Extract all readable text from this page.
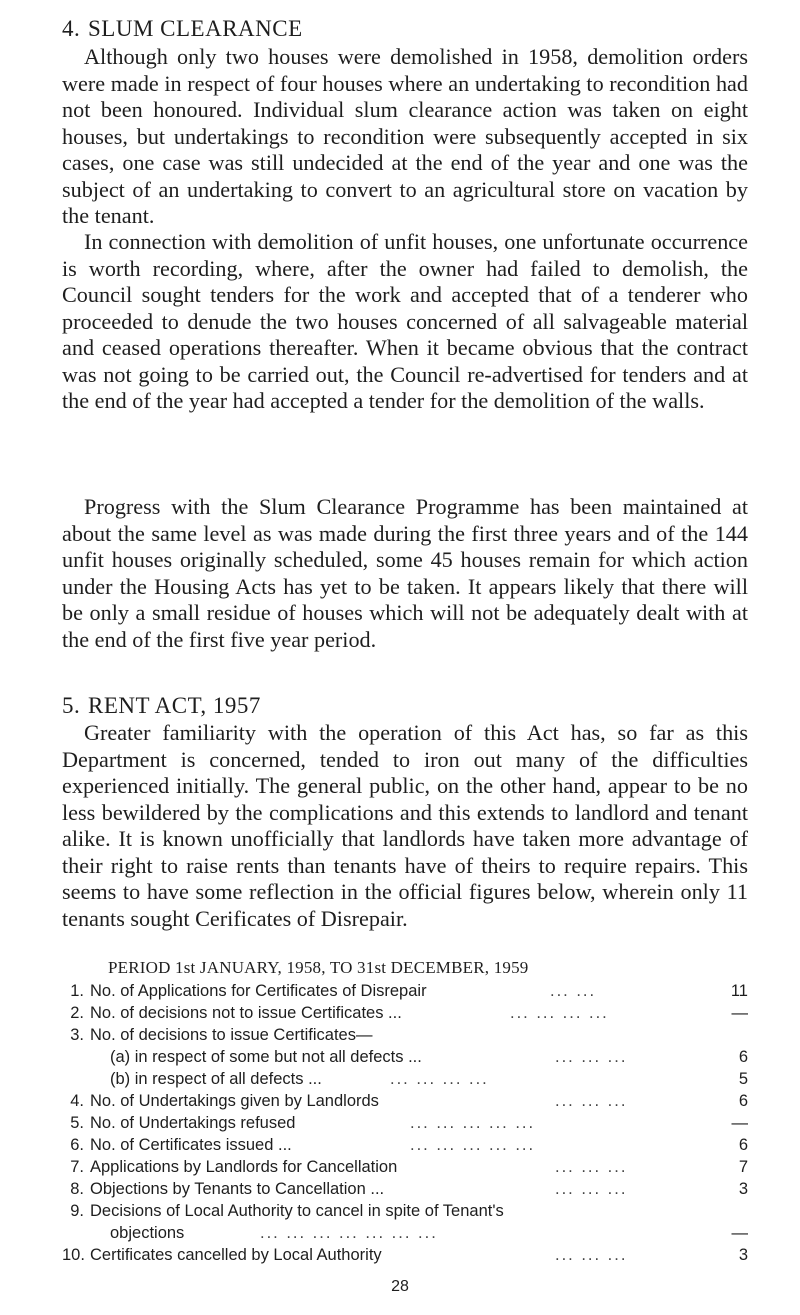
4. SLUM CLEARANCE
Although only two houses were demolished in 1958, demolition orders were made in respect of four houses where an undertaking to recondition had not been honoured. Individual slum clearance action was taken on eight houses, but undertakings to recondition were subsequently accepted in six cases, one case was still undecided at the end of the year and one was the subject of an undertaking to convert to an agricultural store on vacation by the tenant.
In connection with demolition of unfit houses, one unfortunate occurrence is worth recording, where, after the owner had failed to demolish, the Council sought tenders for the work and accepted that of a tenderer who proceeded to denude the two houses concerned of all salvageable material and ceased operations thereafter. When it became obvious that the contract was not going to be carried out, the Council re-advertised for tenders and at the end of the year had accepted a tender for the demolition of the walls.
Progress with the Slum Clearance Programme has been maintained at about the same level as was made during the first three years and of the 144 unfit houses originally scheduled, some 45 houses remain for which action under the Housing Acts has yet to be taken. It appears likely that there will be only a small residue of houses which will not be adequately dealt with at the end of the first five year period.
5. RENT ACT, 1957
Greater familiarity with the operation of this Act has, so far as this Department is concerned, tended to iron out many of the difficulties experienced initially. The general public, on the other hand, appear to be no less bewildered by the complications and this extends to landlord and tenant alike. It is known unofficially that landlords have taken more advantage of their right to raise rents than tenants have of theirs to require repairs. This seems to have some reflection in the official figures below, wherein only 11 tenants sought Cerificates of Disrepair.
PERIOD 1st JANUARY, 1958, TO 31st DECEMBER, 1959
1. No. of Applications for Certificates of Disrepair	... ...	11
2. No. of decisions not to issue Certificates ...	... ... ... ...	—
3. No. of decisions to issue Certificates—
(a) in respect of some but not all defects ...	... ... ...	6
(b) in respect of all defects ...	... ... ... ...	5
4. No. of Undertakings given by Landlords	... ... ...	6
5. No. of Undertakings refused	... ... ... ... ...	—
6. No. of Certificates issued ...	... ... ... ... ...	6
7. Applications by Landlords for Cancellation	... ... ...	7
8. Objections by Tenants to Cancellation ...	... ... ...	3
9. Decisions of Local Authority to cancel in spite of Tenant's
objections	... ... ... ... ... ... ...	—
10. Certificates cancelled by Local Authority	... ... ...	3
28
